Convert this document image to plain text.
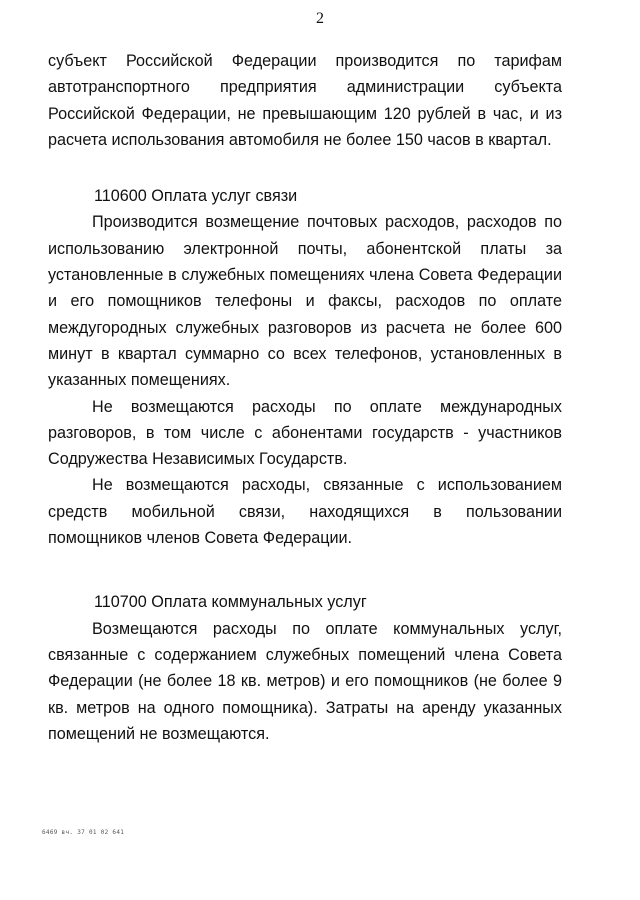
2

субъект Российской Федерации производится по тарифам автотранспортного предприятия администрации субъекта Российской Федерации, не превышающим 120 рублей в час, и из расчета использования автомобиля не более 150 часов в квартал.

110600 Оплата услуг связи

Производится возмещение почтовых расходов, расходов по использованию электронной почты, абонентской платы за установленные в служебных помещениях члена Совета Федерации и его помощников телефоны и факсы, расходов по оплате междугородных служебных разговоров из расчета не более 600 минут в квартал суммарно со всех телефонов, установленных в указанных помещениях.

Не возмещаются расходы по оплате международных разговоров, в том числе с абонентами государств - участников Содружества Независимых Государств.

Не возмещаются расходы, связанные с использованием средств мобильной связи, находящихся в пользовании помощников членов Совета Федерации.

110700 Оплата коммунальных услуг

Возмещаются расходы по оплате коммунальных услуг, связанные с содержанием служебных помещений члена Совета Федерации (не более 18 кв. метров) и его помощников (не более 9 кв. метров на одного помощника). Затраты на аренду указанных помещений не возмещаются.

6469 вч. 37 01 02 641
